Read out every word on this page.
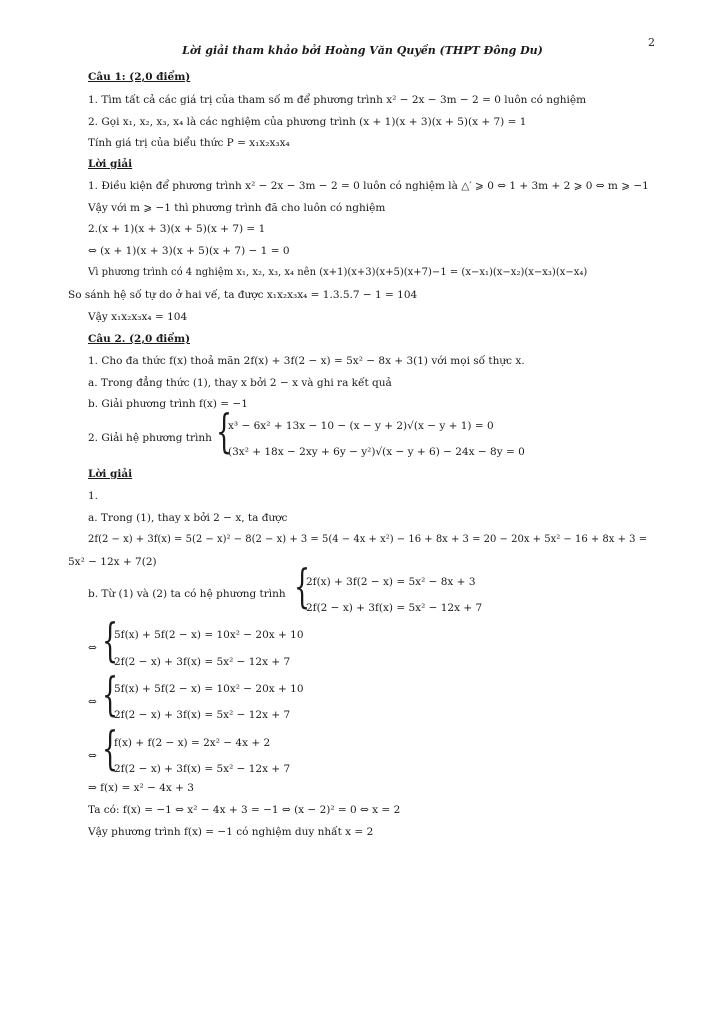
2
Lời giải tham khảo bởi Hoàng Văn Quyền (THPT Đông Du)
Câu 1: (2,0 điểm)
1. Tìm tất cả các giá trị của tham số m để phương trình x² − 2x − 3m − 2 = 0 luôn có nghiệm
2. Gọi x₁, x₂, x₃, x₄ là các nghiệm của phương trình (x + 1)(x + 3)(x + 5)(x + 7) = 1
Tính giá trị của biểu thức P = x₁x₂x₃x₄
Lời giải
1. Điều kiện để phương trình x² − 2x − 3m − 2 = 0 luôn có nghiệm là △′ ⩾ 0 ⇔ 1 + 3m + 2 ⩾ 0 ⇔ m ⩾ −1
Vậy với m ⩾ −1 thì phương trình đã cho luôn có nghiệm
2.(x + 1)(x + 3)(x + 5)(x + 7) = 1
⇔ (x + 1)(x + 3)(x + 5)(x + 7) − 1 = 0
Vì phương trình có 4 nghiệm x₁, x₂, x₃, x₄ nên (x+1)(x+3)(x+5)(x+7)−1 = (x−x₁)(x−x₂)(x−x₃)(x−x₄)
So sánh hệ số tự do ở hai vế, ta được x₁x₂x₃x₄ = 1.3.5.7 − 1 = 104
Vậy x₁x₂x₃x₄ = 104
Câu 2. (2,0 điểm)
1. Cho đa thức f(x) thoả mãn 2f(x) + 3f(2 − x) = 5x² − 8x + 3(1) với mọi số thực x.
a. Trong đẳng thức (1), thay x bởi 2 − x và ghi ra kết quả
b. Giải phương trình f(x) = −1
2. Giải hệ phương trình {
x³ − 6x² + 13x − 10 − (x − y + 2)√(x − y + 1) = 0
(3x² + 18x − 2xy + 6y − y²)√(x − y + 6) − 24x − 8y = 0
Lời giải
1.
a. Trong (1), thay x bởi 2 − x, ta được
2f(2 − x) + 3f(x) = 5(2 − x)² − 8(2 − x) + 3 = 5(4 − 4x + x²) − 16 + 8x + 3 = 20 − 20x + 5x² − 16 + 8x + 3 =
5x² − 12x + 7(2)
b. Từ (1) và (2) ta có hệ phương trình {
2f(x) + 3f(2 − x) = 5x² − 8x + 3
2f(2 − x) + 3f(x) = 5x² − 12x + 7
⇔ {
5f(x) + 5f(2 − x) = 10x² − 20x + 10
2f(2 − x) + 3f(x) = 5x² − 12x + 7
⇔ {
5f(x) + 5f(2 − x) = 10x² − 20x + 10
2f(2 − x) + 3f(x) = 5x² − 12x + 7
⇔ {
f(x) + f(2 − x) = 2x² − 4x + 2
2f(2 − x) + 3f(x) = 5x² − 12x + 7
⇒ f(x) = x² − 4x + 3
Ta có: f(x) = −1 ⇔ x² − 4x + 3 = −1 ⇔ (x − 2)² = 0 ⇔ x = 2
Vậy phương trình f(x) = −1 có nghiệm duy nhất x = 2
